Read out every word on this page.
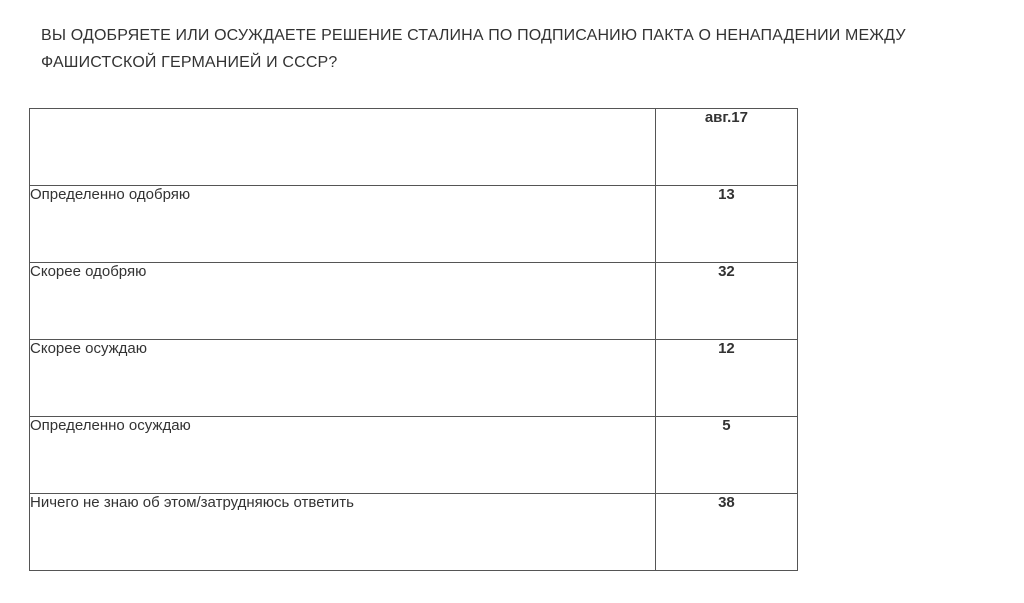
ВЫ ОДОБРЯЕТЕ ИЛИ ОСУЖДАЕТЕ РЕШЕНИЕ СТАЛИНА ПО ПОДПИСАНИЮ ПАКТА О НЕНАПАДЕНИИ МЕЖДУ
ФАШИСТСКОЙ ГЕРМАНИЕЙ И СССР?
	авг.17
Определенно одобряю	13
Скорее одобряю	32
Скорее осуждаю	12
Определенно осуждаю	5
Ничего не знаю об этом/затрудняюсь ответить	38
